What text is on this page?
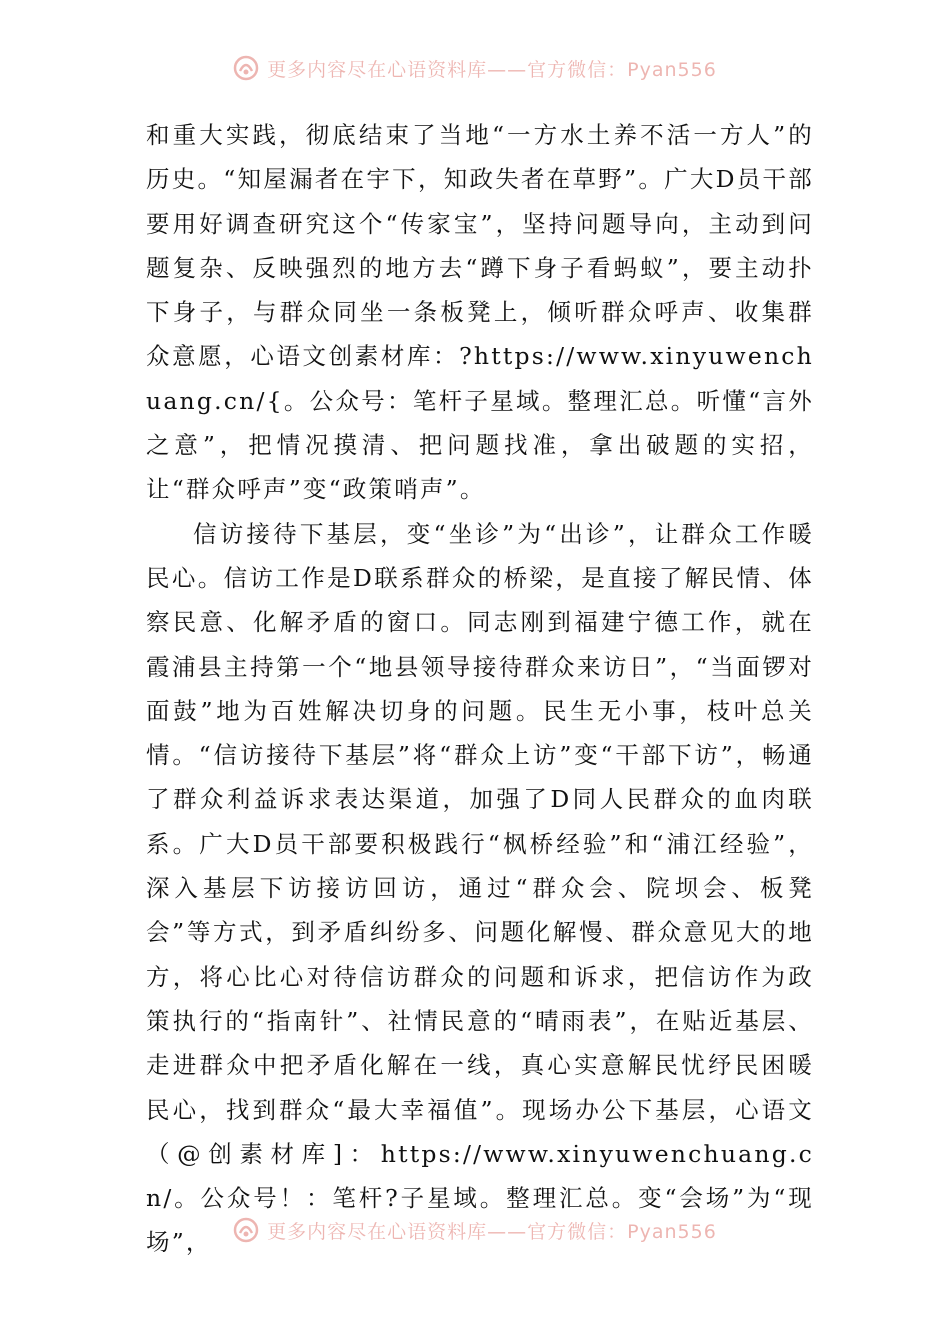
更多内容尽在心语资料库——官方微信：Pyan556

和重大实践，彻底结束了当地“一方水土养不活一方人”的历史。“知屋漏者在宇下，知政失者在草野”。广大D员干部要用好调查研究这个“传家宝”，坚持问题导向，主动到问题复杂、反映强烈的地方去“蹲下身子看蚂蚁”，要主动扑下身子，与群众同坐一条板凳上，倾听群众呼声、收集群众意愿，心语文创素材库：?https://www.xinyuwenchuang.cn/{。公众号：笔杆子星域。整理汇总。听懂“言外之意”，把情况摸清、把问题找准，拿出破题的实招，让“群众呼声”变“政策哨声”。

信访接待下基层，变“坐诊”为“出诊”，让群众工作暖民心。信访工作是D联系群众的桥梁，是直接了解民情、体察民意、化解矛盾的窗口。同志刚到福建宁德工作，就在霞浦县主持第一个“地县领导接待群众来访日”，“当面锣对面鼓”地为百姓解决切身的问题。民生无小事，枝叶总关情。“信访接待下基层”将“群众上访”变“干部下访”，畅通了群众利益诉求表达渠道，加强了D同人民群众的血肉联系。广大D员干部要积极践行“枫桥经验”和“浦江经验”，深入基层下访接访回访，通过“群众会、院坝会、板凳会”等方式，到矛盾纠纷多、问题化解慢、群众意见大的地方，将心比心对待信访群众的问题和诉求，把信访作为政策执行的“指南针”、社情民意的“晴雨表”，在贴近基层、走进群众中把矛盾化解在一线，真心实意解民忧纾民困暖民心，找到群众“最大幸福值”。现场办公下基层，心语文（@创素材库]：https://www.xinyuwenchuang.cn/。公众号！：笔杆?子星域。整理汇总。变“会场”为“现场”，	更多内容尽在心语资料库——官方微信：Pyan556
